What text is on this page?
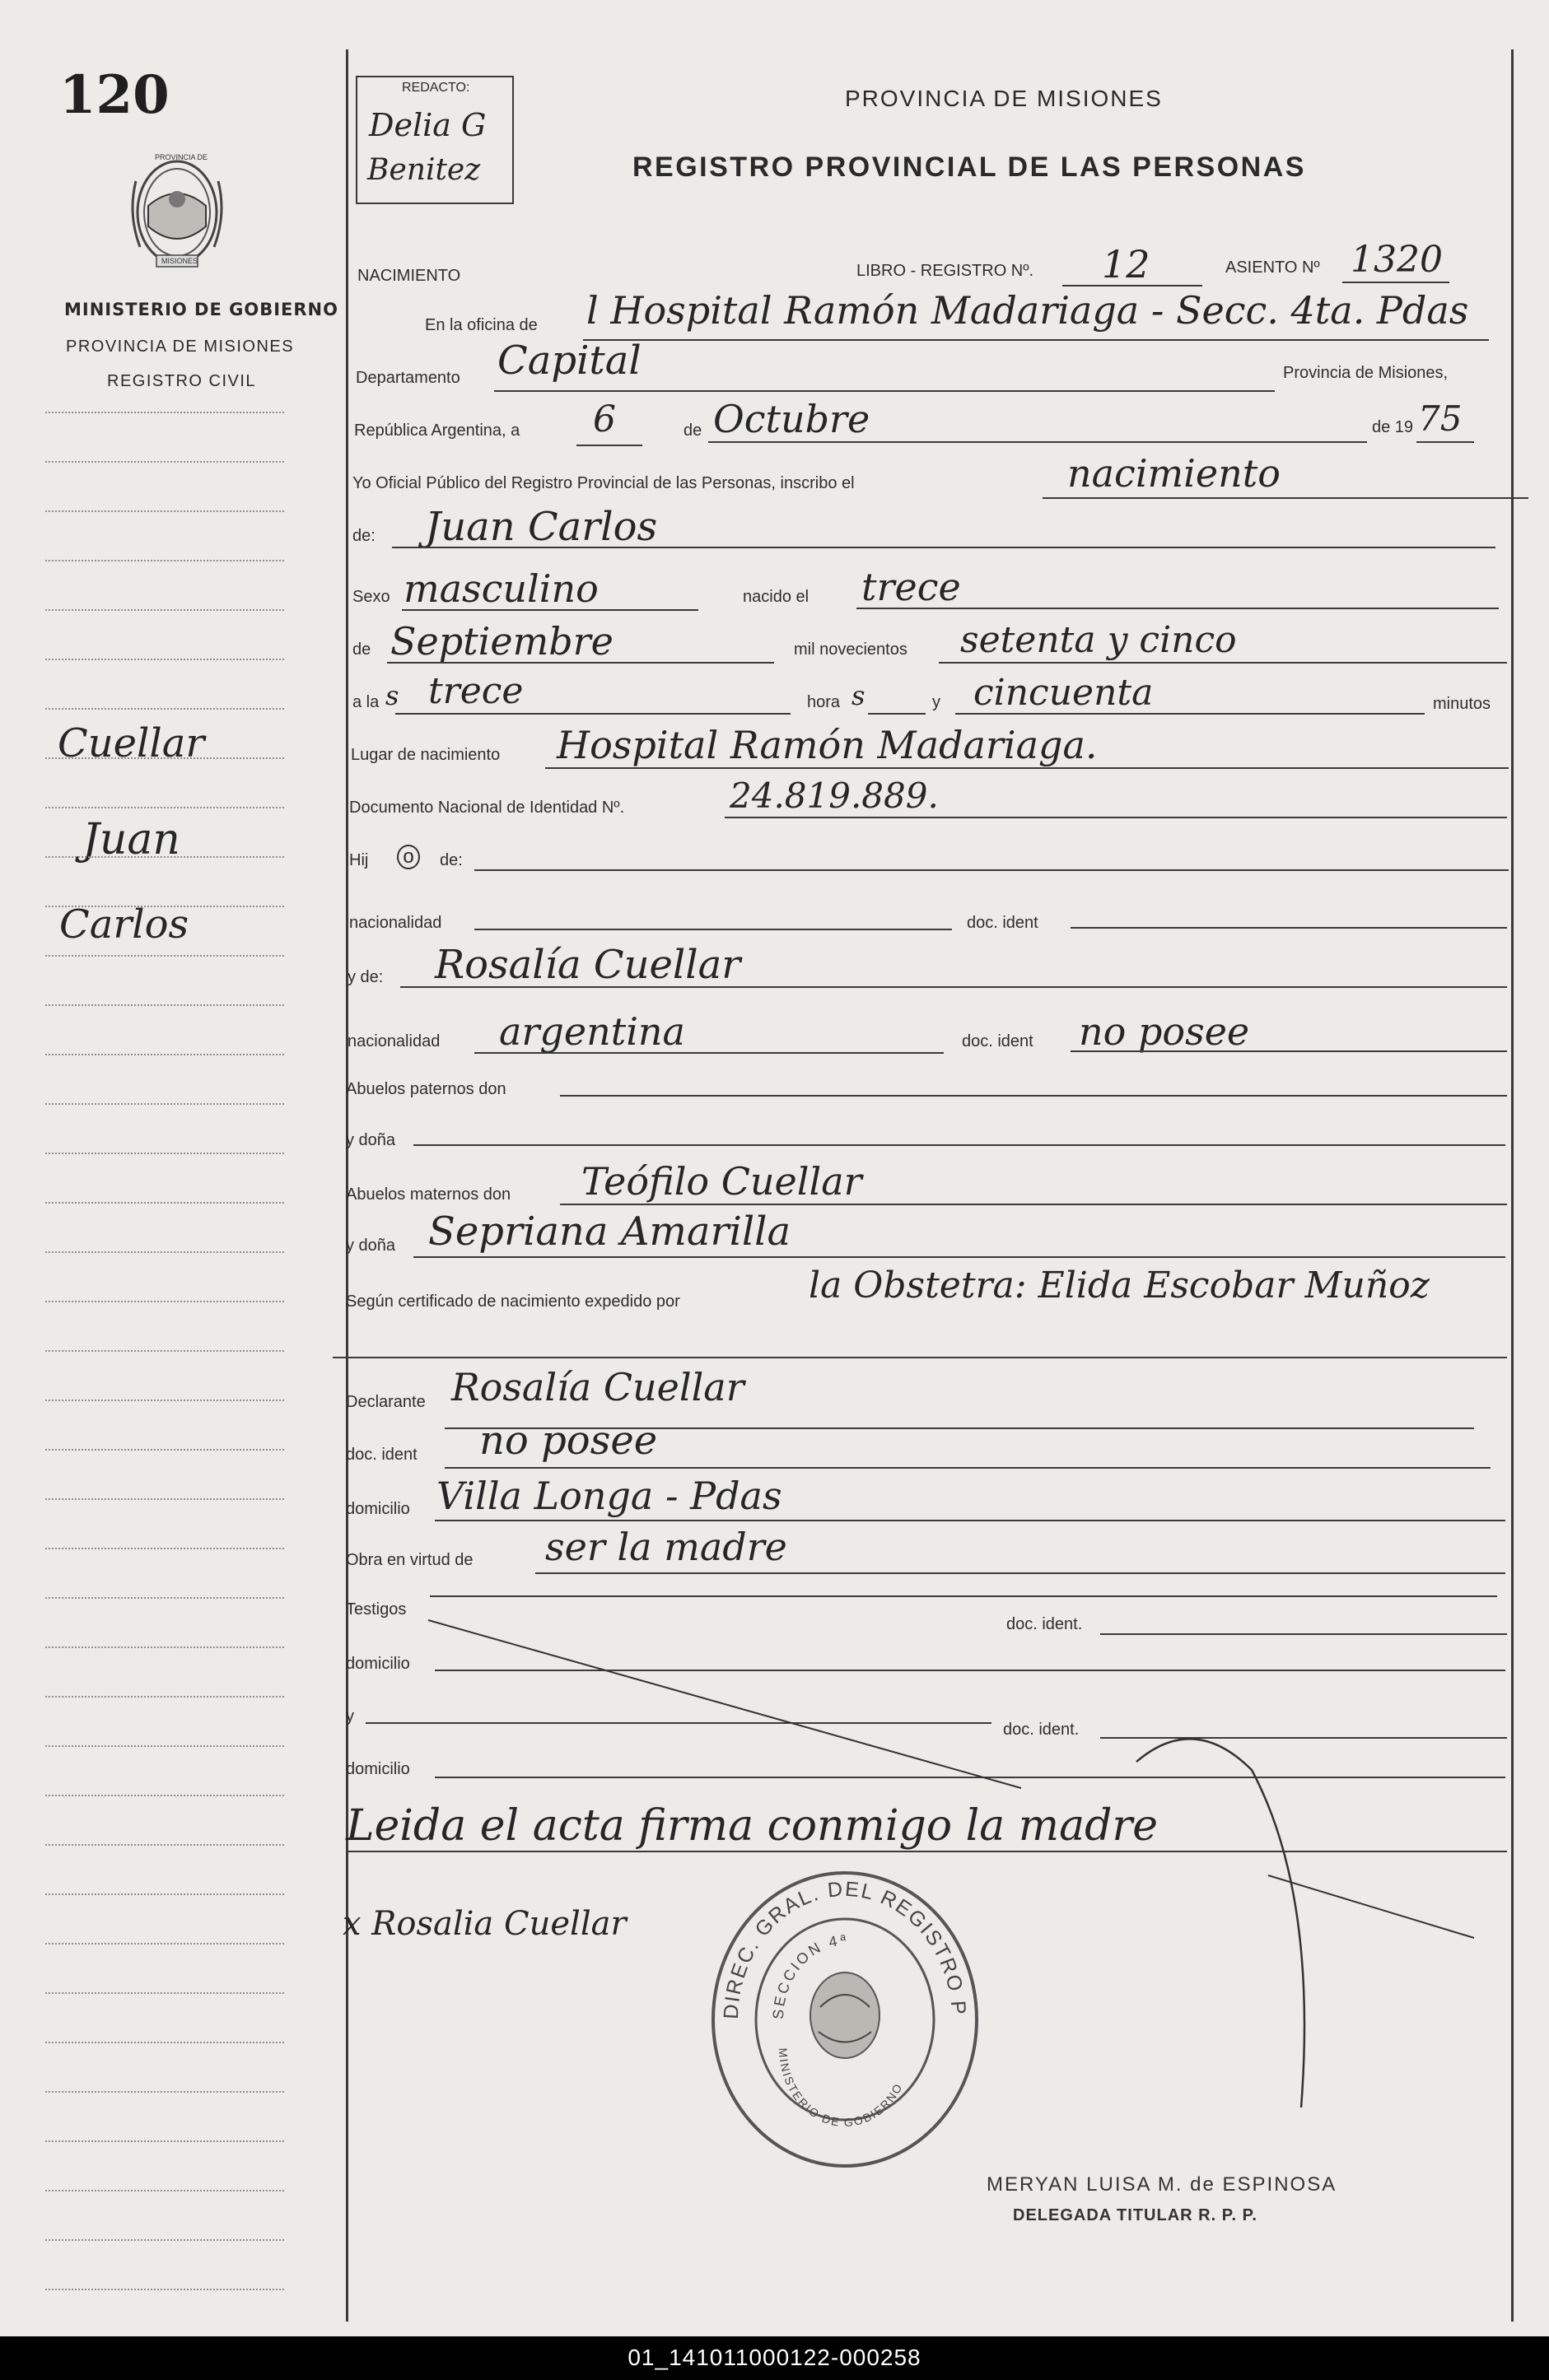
120
PROVINCIA DE
MISIONES
MINISTERIO DE GOBIERNO
PROVINCIA DE MISIONES
REGISTRO CIVIL
Cuellar
Juan
Carlos
REDACTO:
Delia G
Benitez
PROVINCIA DE MISIONES
REGISTRO PROVINCIAL DE LAS PERSONAS
NACIMIENTO	LIBRO - REGISTRO Nº. 12	ASIENTO Nº 1320
En la oficina de l Hospital Ramón Madariaga - Secc. 4ta. Pdas
Departamento Capital	Provincia de Misiones,
República Argentina, a 6	de Octubre	de 19 75
Yo Oficial Público del Registro Provincial de las Personas, inscribo el	nacimiento
de: Juan Carlos
Sexo masculino	nacido el trece
de Septiembre	mil novecientos setenta y cinco
a la s trece	hora s	y cincuenta	minutos
Lugar de nacimiento Hospital Ramón Madariaga.
Documento Nacional de Identidad Nº.	24.819.889.
Hij	o	de:
nacionalidad	doc. ident
y de: Rosalía Cuellar
nacionalidad argentina	doc. ident no posee
Abuelos paternos don
y doña
Abuelos maternos don Teófilo Cuellar
y doña Sepriana Amarilla
Según certificado de nacimiento expedido por	la Obstetra: Elida Escobar Muñoz
Declarante Rosalía Cuellar
doc. ident no posee
domicilio Villa Longa - Pdas
Obra en virtud de ser la madre
Testigos
doc. ident.
domicilio
y
doc. ident.
domicilio
Leida el acta firma conmigo la madre
x Rosalia Cuellar
DIREC. GRAL. DEL REGISTRO P
SECCION 4ª
MINISTERIO DE GOBIERNO
MERYAN LUISA M. de ESPINOSA
DELEGADA TITULAR R. P. P.
01_141011000122-000258
